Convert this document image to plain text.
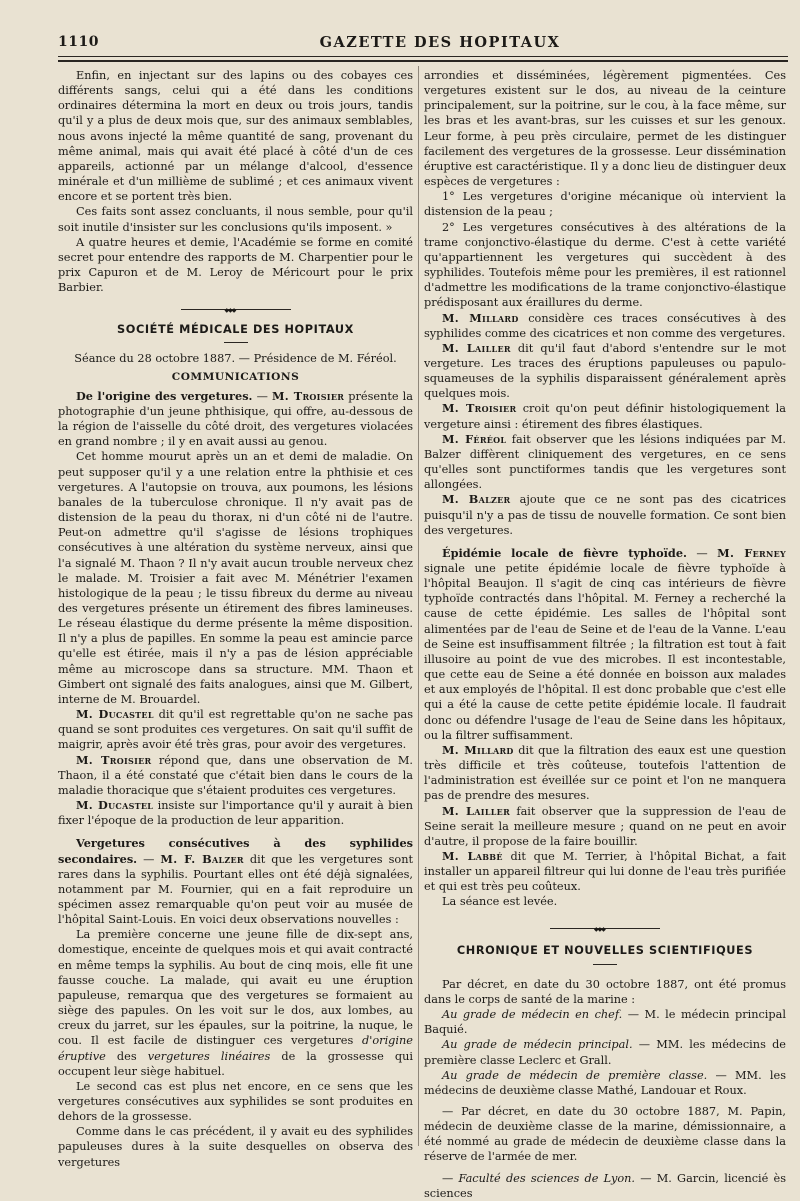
1110	GAZETTE DES HOPITAUX

Enfin, en injectant sur des lapins ou des cobayes ces différents sangs, celui qui a été dans les conditions ordinaires détermina la mort en deux ou trois jours, tandis qu'il y a plus de deux mois que, sur des animaux semblables, nous avons injecté la même quantité de sang, provenant du même animal, mais qui avait été placé à côté d'un de ces appareils, actionné par un mélange d'alcool, d'essence minérale et d'un millième de sublimé ; et ces animaux vivent encore et se portent très bien.

Ces faits sont assez concluants, il nous semble, pour qu'il soit inutile d'insister sur les conclusions qu'ils imposent. »

A quatre heures et demie, l'Académie se forme en comité secret pour entendre des rapports de M. Charpentier pour le prix Capuron et de M. Leroy de Méricourt pour le prix Barbier.

◆◆◆

SOCIÉTÉ MÉDICALE DES HOPITAUX

Séance du 28 octobre 1887. — Présidence de M. Féréol.

COMMUNICATIONS

De l'origine des vergetures. — M. Troisier présente la photographie d'un jeune phthisique, qui offre, au-dessous de la région de l'aisselle du côté droit, des vergetures violacées en grand nombre ; il y en avait aussi au genou.

Cet homme mourut après un an et demi de maladie. On peut supposer qu'il y a une relation entre la phthisie et ces vergetures. A l'autopsie on trouva, aux poumons, les lésions banales de la tuberculose chronique. Il n'y avait pas de distension de la peau du thorax, ni d'un côté ni de l'autre. Peut-on admettre qu'il s'agisse de lésions trophiques consécutives à une altération du système nerveux, ainsi que l'a signalé M. Thaon ? Il n'y avait aucun trouble nerveux chez le malade. M. Troisier a fait avec M. Ménétrier l'examen histologique de la peau ; le tissu fibreux du derme au niveau des vergetures présente un étirement des fibres lamineuses. Le réseau élastique du derme présente la même disposition. Il n'y a plus de papilles. En somme la peau est amincie parce qu'elle est étirée, mais il n'y a pas de lésion appréciable même au microscope dans sa structure. MM. Thaon et Gimbert ont signalé des faits analogues, ainsi que M. Gilbert, interne de M. Brouardel.

M. Ducastel dit qu'il est regrettable qu'on ne sache pas quand se sont produites ces vergetures. On sait qu'il suffit de maigrir, après avoir été très gras, pour avoir des vergetures.

M. Troisier répond que, dans une observation de M. Thaon, il a été constaté que c'était bien dans le cours de la maladie thoracique que s'étaient produites ces vergetures.

M. Ducastel insiste sur l'importance qu'il y aurait à bien fixer l'époque de la production de leur apparition.

Vergetures consécutives à des syphilides secondaires. — M. F. Balzer dit que les vergetures sont rares dans la syphilis. Pourtant elles ont été déjà signalées, notamment par M. Fournier, qui en a fait reproduire un spécimen assez remarquable qu'on peut voir au musée de l'hôpital Saint-Louis. En voici deux observations nouvelles :

La première concerne une jeune fille de dix-sept ans, domestique, enceinte de quelques mois et qui avait contracté en même temps la syphilis. Au bout de cinq mois, elle fit une fausse couche. La malade, qui avait eu une éruption papuleuse, remarqua que des vergetures se formaient au siège des papules. On les voit sur le dos, aux lombes, au creux du jarret, sur les épaules, sur la poitrine, la nuque, le cou. Il est facile de distinguer ces vergetures d'origine éruptive des vergetures linéaires de la grossesse qui occupent leur siège habituel.

Le second cas est plus net encore, en ce sens que les vergetures consécutives aux syphilides se sont produites en dehors de la grossesse.

Comme dans le cas précédent, il y avait eu des syphilides papuleuses dures à la suite desquelles on observa des vergetures

arrondies et disséminées, légèrement pigmentées. Ces vergetures existent sur le dos, au niveau de la ceinture principalement, sur la poitrine, sur le cou, à la face même, sur les bras et les avant-bras, sur les cuisses et sur les genoux. Leur forme, à peu près circulaire, permet de les distinguer facilement des vergetures de la grossesse. Leur dissémination éruptive est caractéristique. Il y a donc lieu de distinguer deux espèces de vergetures :

1° Les vergetures d'origine mécanique où intervient la distension de la peau ;

2° Les vergetures consécutives à des altérations de la trame conjonctivo-élastique du derme. C'est à cette variété qu'appartiennent les vergetures qui succèdent à des syphilides. Toutefois même pour les premières, il est rationnel d'admettre les modifications de la trame conjonctivo-élastique prédisposant aux éraillures du derme.

M. Millard considère ces traces consécutives à des syphilides comme des cicatrices et non comme des vergetures.

M. Lailler dit qu'il faut d'abord s'entendre sur le mot vergeture. Les traces des éruptions papuleuses ou papulo-squameuses de la syphilis disparaissent généralement après quelques mois.

M. Troisier croit qu'on peut définir histologiquement la vergeture ainsi : étirement des fibres élastiques.

M. Féréol fait observer que les lésions indiquées par M. Balzer diffèrent cliniquement des vergetures, en ce sens qu'elles sont punctiformes tandis que les vergetures sont allongées.

M. Balzer ajoute que ce ne sont pas des cicatrices puisqu'il n'y a pas de tissu de nouvelle formation. Ce sont bien des vergetures.

Épidémie locale de fièvre typhoïde. — M. Ferney signale une petite épidémie locale de fièvre typhoïde à l'hôpital Beaujon. Il s'agit de cinq cas intérieurs de fièvre typhoïde contractés dans l'hôpital. M. Ferney a recherché la cause de cette épidémie. Les salles de l'hôpital sont alimentées par de l'eau de Seine et de l'eau de la Vanne. L'eau de Seine est insuffisamment filtrée ; la filtration est tout à fait illusoire au point de vue des microbes. Il est incontestable, que cette eau de Seine a été donnée en boisson aux malades et aux employés de l'hôpital. Il est donc probable que c'est elle qui a été la cause de cette petite épidémie locale. Il faudrait donc ou défendre l'usage de l'eau de Seine dans les hôpitaux, ou la filtrer suffisamment.

M. Millard dit que la filtration des eaux est une question très difficile et très coûteuse, toutefois l'attention de l'administration est éveillée sur ce point et l'on ne manquera pas de prendre des mesures.

M. Lailler fait observer que la suppression de l'eau de Seine serait la meilleure mesure ; quand on ne peut en avoir d'autre, il propose de la faire bouillir.

M. Labbé dit que M. Terrier, à l'hôpital Bichat, a fait installer un appareil filtreur qui lui donne de l'eau très purifiée et qui est très peu coûteux.

La séance est levée.

◆◆◆

CHRONIQUE ET NOUVELLES SCIENTIFIQUES

Par décret, en date du 30 octobre 1887, ont été promus dans le corps de santé de la marine :

Au grade de médecin en chef. — M. le médecin principal Baquié.

Au grade de médecin principal. — MM. les médecins de première classe Leclerc et Grall.

Au grade de médecin de première classe. — MM. les médecins de deuxième classe Mathé, Landouar et Roux.

— Par décret, en date du 30 octobre 1887, M. Papin, médecin de deuxième classe de la marine, démissionnaire, a été nommé au grade de médecin de deuxième classe dans la réserve de l'armée de mer.

— Faculté des sciences de Lyon. — M. Garcin, licencié ès sciences
